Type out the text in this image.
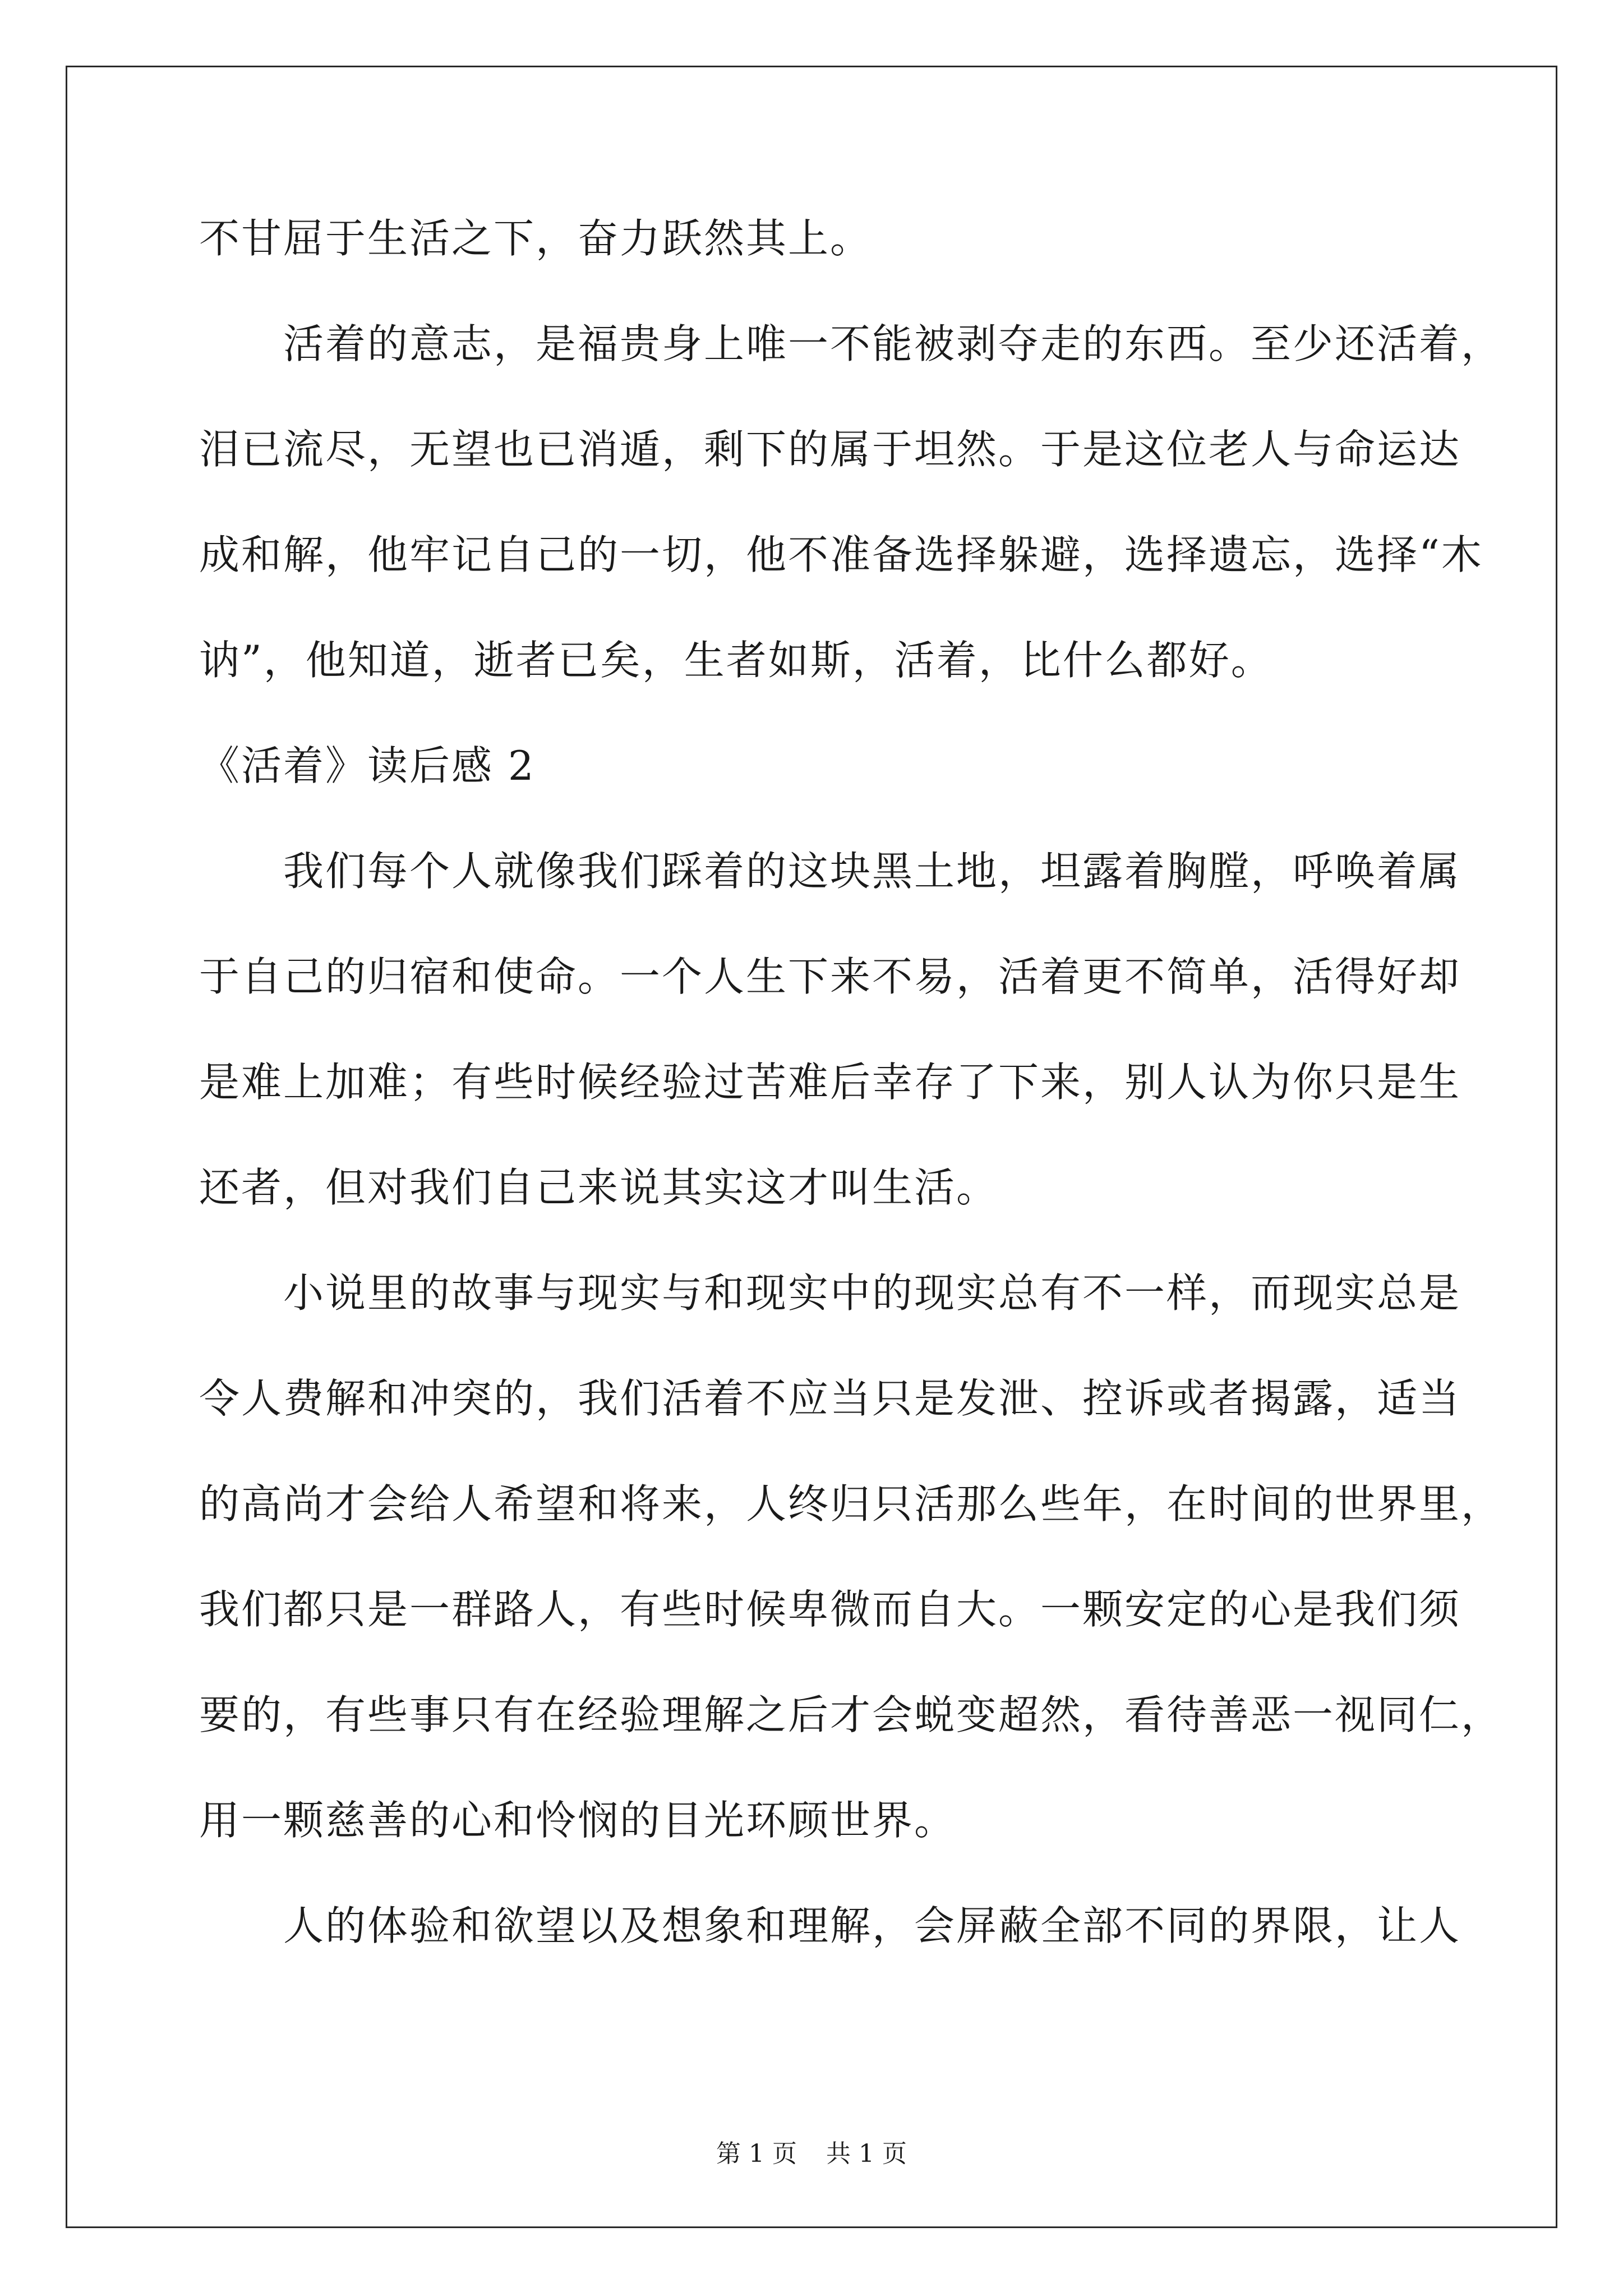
不甘屈于生活之下，奋力跃然其上。
活着的意志，是福贵身上唯一不能被剥夺走的东西。至少还活着，
泪已流尽，无望也已消遁，剩下的属于坦然。于是这位老人与命运达
成和解，他牢记自己的一切，他不准备选择躲避，选择遗忘，选择“木
讷”，他知道，逝者已矣，生者如斯，活着，比什么都好。
《活着》读后感 2
我们每个人就像我们踩着的这块黑土地，坦露着胸膛，呼唤着属
于自己的归宿和使命。一个人生下来不易，活着更不简单，活得好却
是难上加难；有些时候经验过苦难后幸存了下来，别人认为你只是生
还者，但对我们自己来说其实这才叫生活。
小说里的故事与现实与和现实中的现实总有不一样，而现实总是
令人费解和冲突的，我们活着不应当只是发泄、控诉或者揭露，适当
的高尚才会给人希望和将来，人终归只活那么些年，在时间的世界里，
我们都只是一群路人，有些时候卑微而自大。一颗安定的心是我们须
要的，有些事只有在经验理解之后才会蜕变超然，看待善恶一视同仁，
用一颗慈善的心和怜悯的目光环顾世界。
人的体验和欲望以及想象和理解，会屏蔽全部不同的界限，让人
第 1 页 共 1 页
